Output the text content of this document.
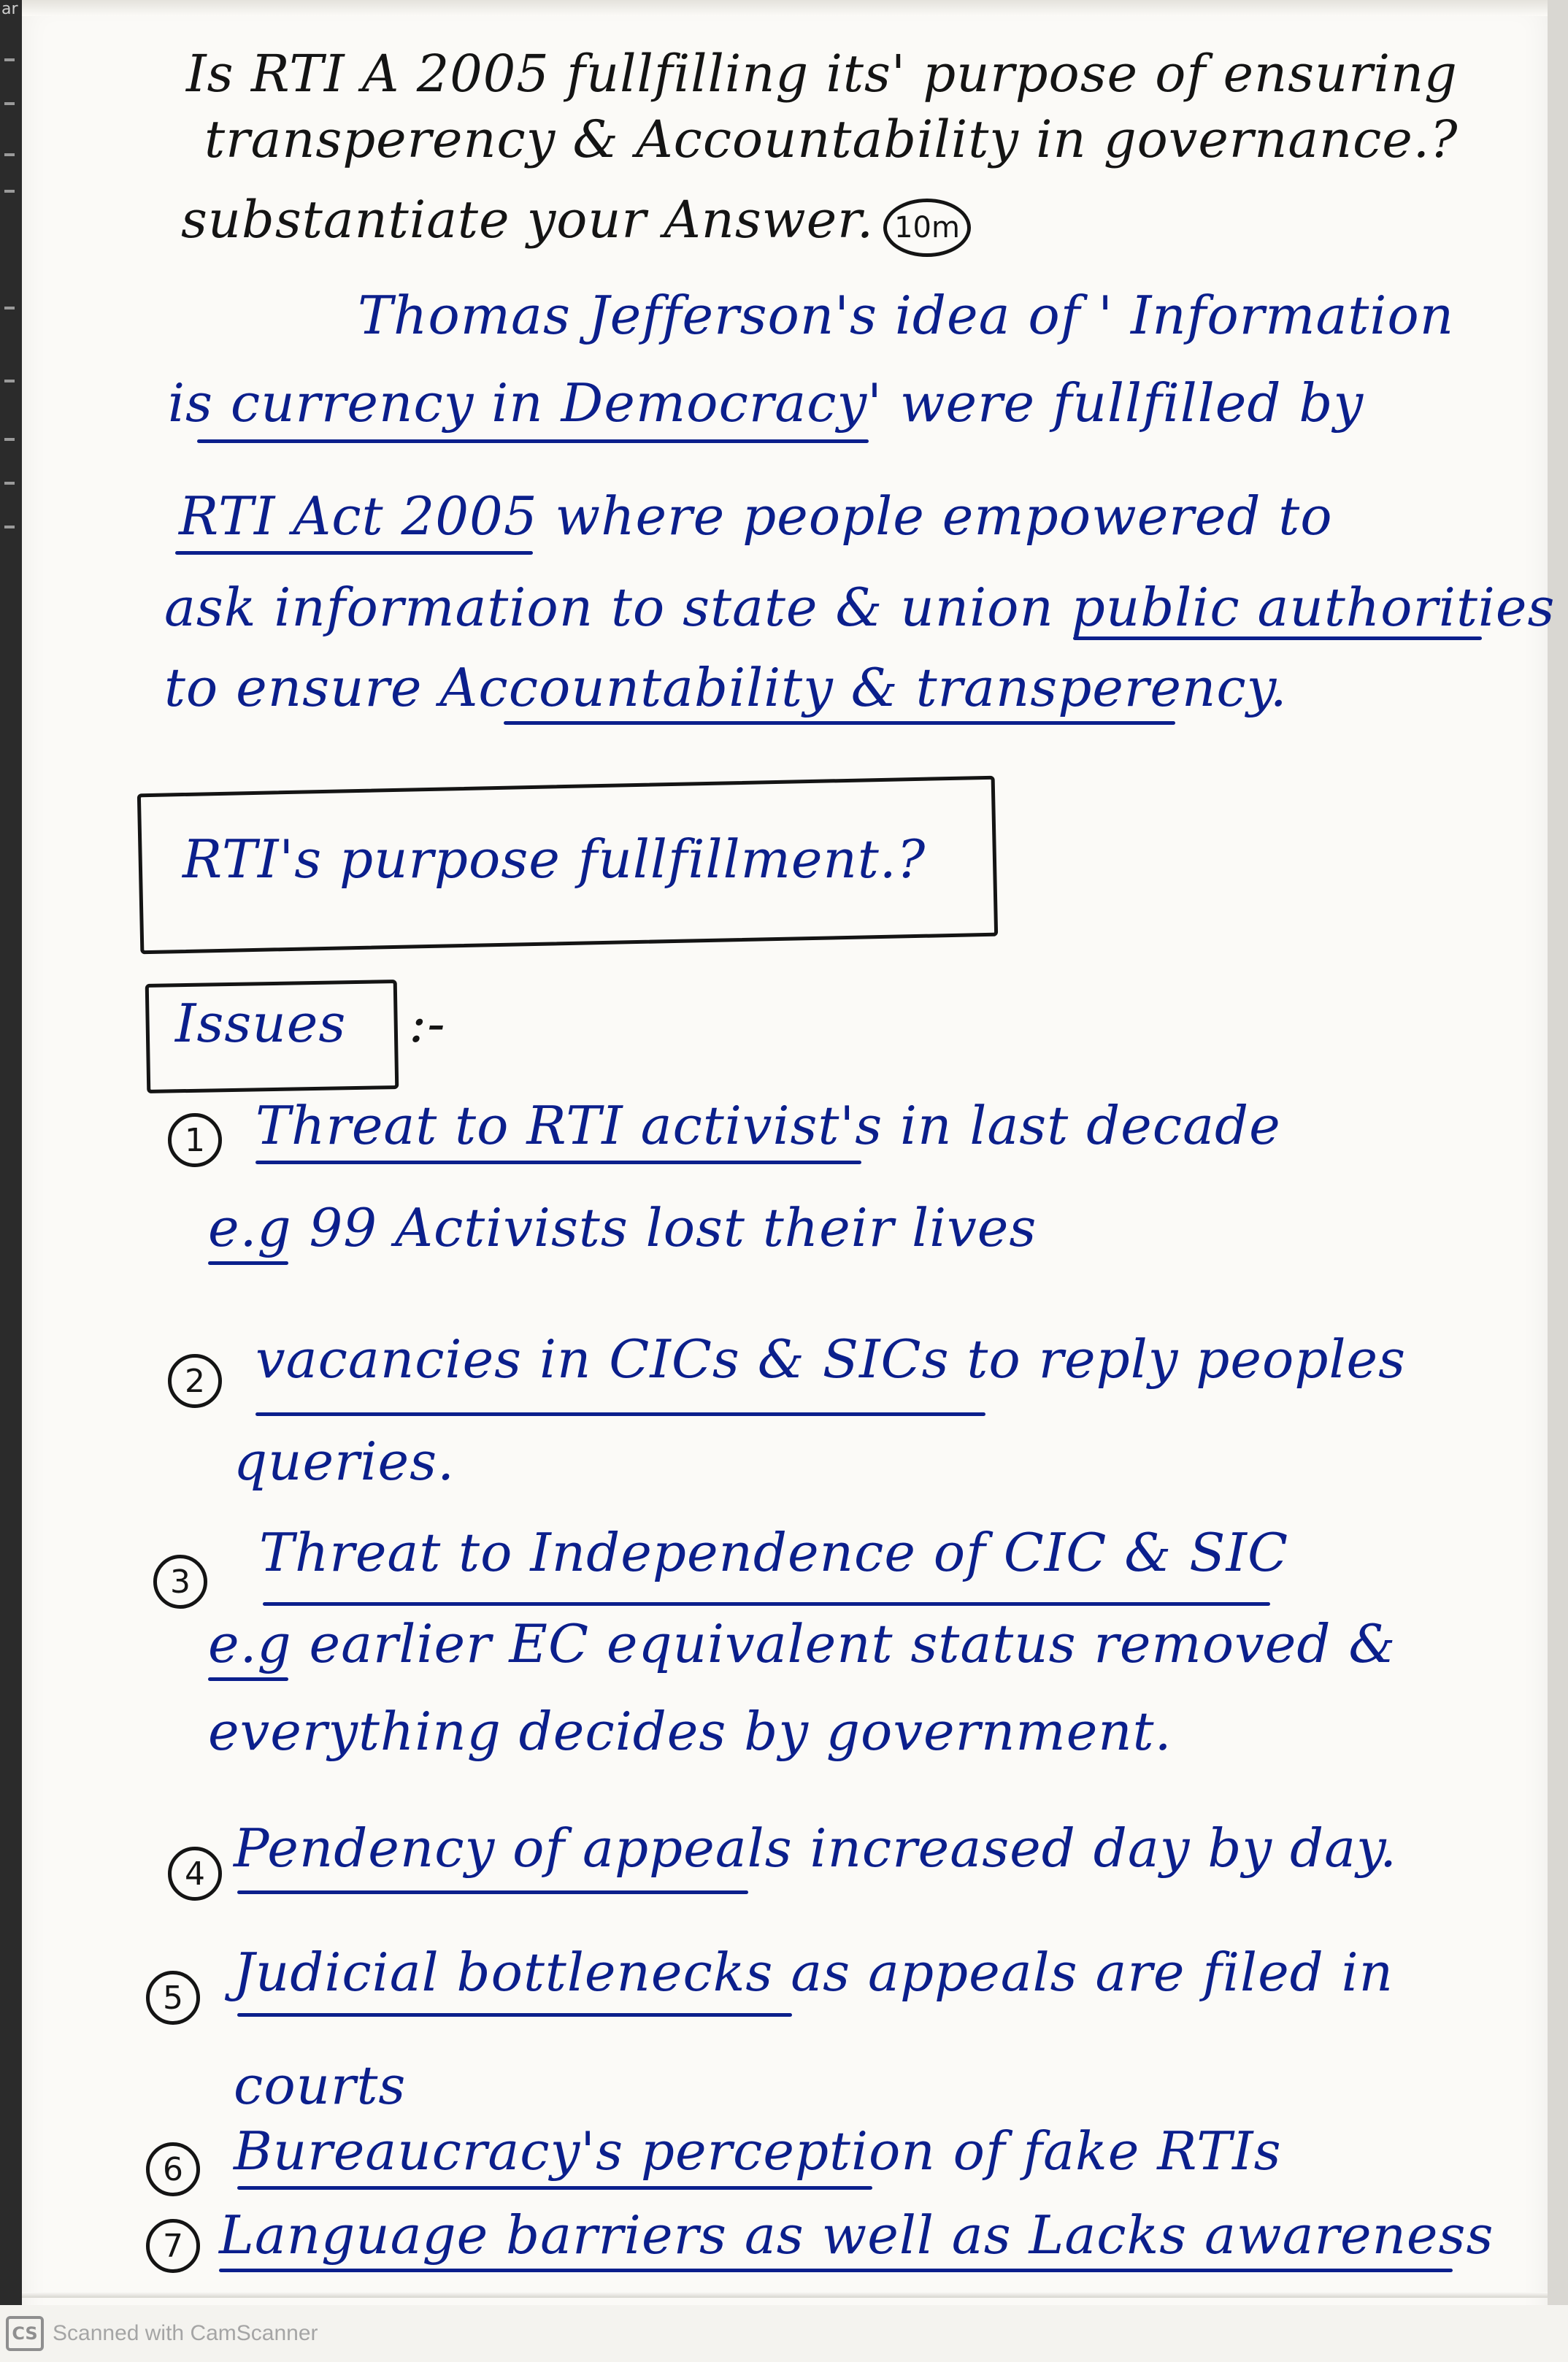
ar
Is RTI A 2005 fullfilling its' purpose of ensuring
transperency & Accountability in governance.?
substantiate your Answer. 10m
Thomas Jefferson's idea of ' Information
is currency in Democracy' were fullfilled by
RTI Act 2005 where people empowered to
ask information to state & union public authorities
to ensure Accountability & transperency.
RTI's purpose fullfillment.?
Issues :-
1 Threat to RTI activist's in last decade
e.g 99 Activists lost their lives
2 vacancies in CICs & SICs to reply peoples
queries.
3	Threat to Independence of CIC & SIC
e.g earlier EC equivalent status removed &
everything decides by government.
4 Pendency of appeals increased day by day.
5 Judicial bottlenecks as appeals are filed in
courts
6 Bureaucracy's perception of fake RTIs
7 Language barriers as well as Lacks awareness
CS Scanned with CamScanner
